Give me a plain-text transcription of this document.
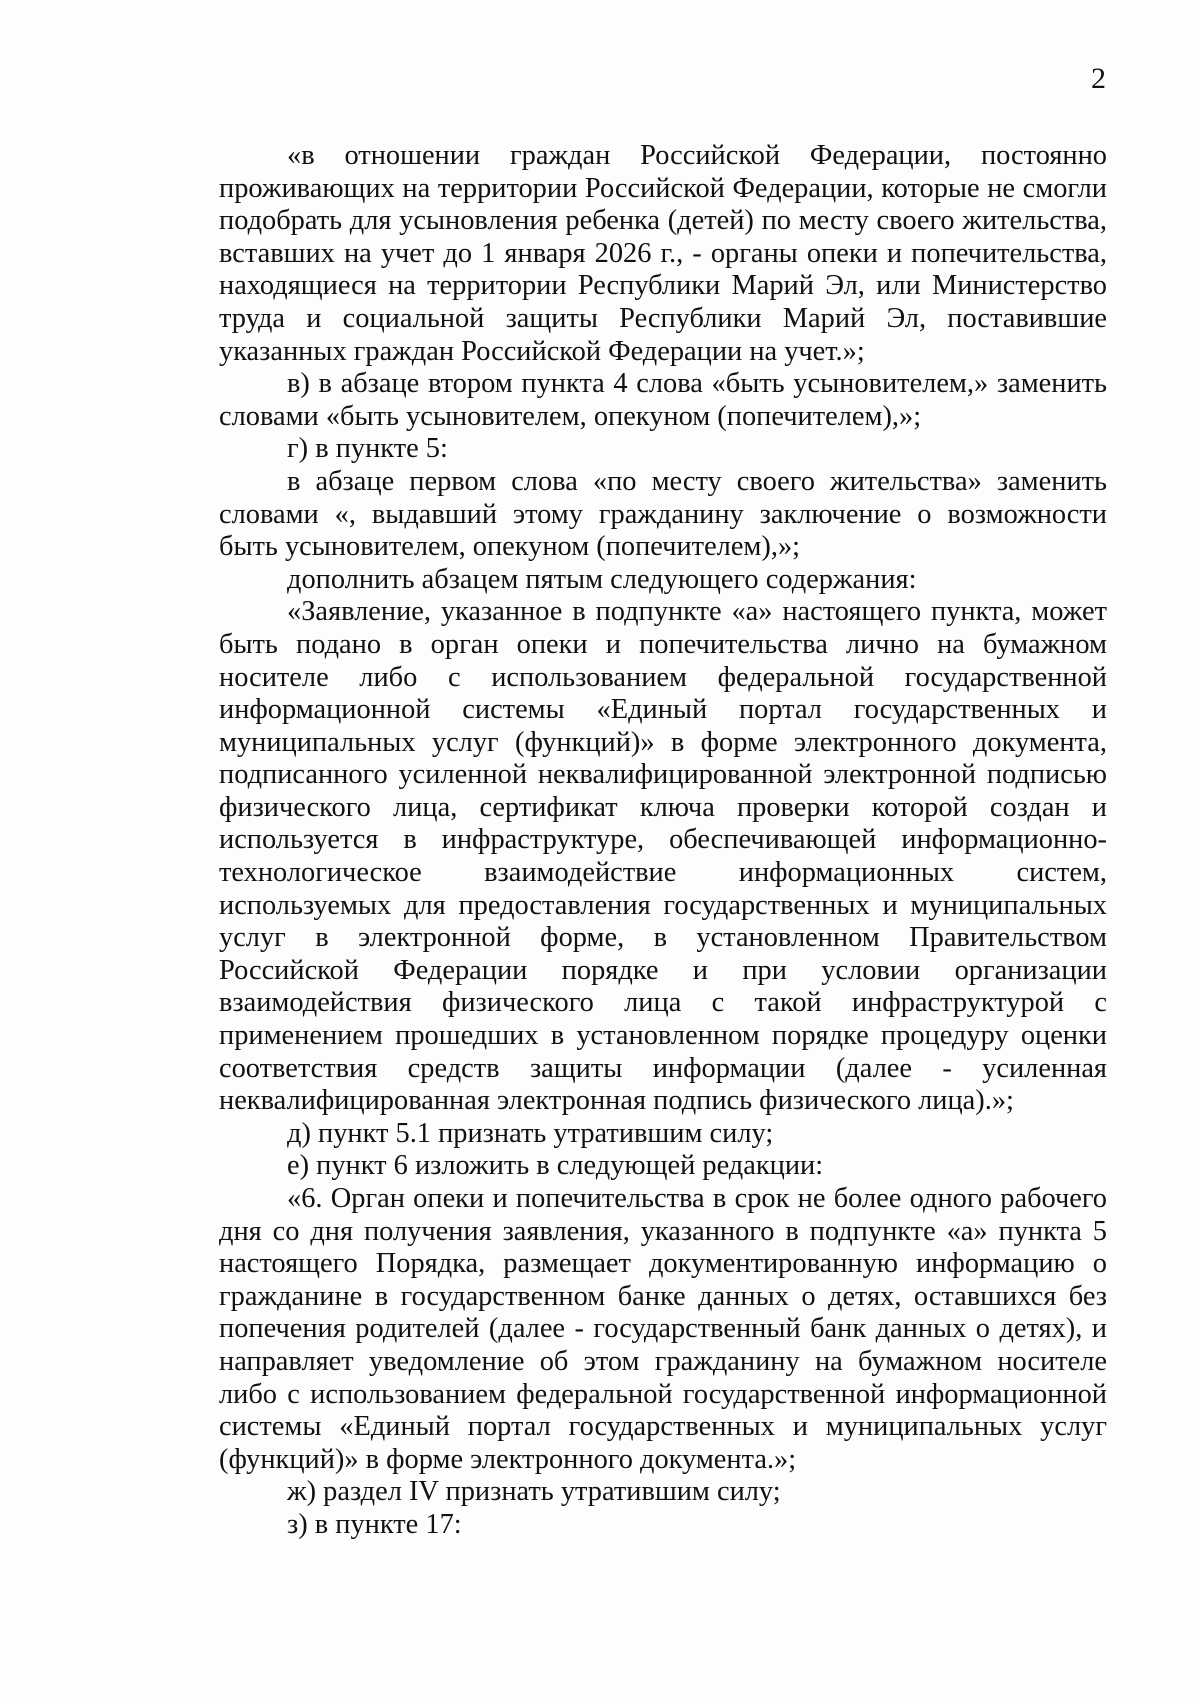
2

«в отношении граждан Российской Федерации, постоянно проживающих на территории Российской Федерации, которые не смогли подобрать для усыновления ребенка (детей) по месту своего жительства, вставших на учет до 1 января 2026 г., - органы опеки и попечительства, находящиеся на территории Республики Марий Эл, или Министерство труда и социальной защиты Республики Марий Эл, поставившие указанных граждан Российской Федерации на учет.»;

в) в абзаце втором пункта 4 слова «быть усыновителем,» заменить словами «быть усыновителем, опекуном (попечителем),»;

г) в пункте 5:

в абзаце первом слова «по месту своего жительства» заменить словами «, выдавший этому гражданину заключение о возможности быть усыновителем, опекуном (попечителем),»;

дополнить абзацем пятым следующего содержания:

«Заявление, указанное в подпункте «а» настоящего пункта, может быть подано в орган опеки и попечительства лично на бумажном носителе либо с использованием федеральной государственной информационной системы «Единый портал государственных и муниципальных услуг (функций)» в форме электронного документа, подписанного усиленной неквалифицированной электронной подписью физического лица, сертификат ключа проверки которой создан и используется в инфраструктуре, обеспечивающей информационно-технологическое взаимодействие информационных систем, используемых для предоставления государственных и муниципальных услуг в электронной форме, в установленном Правительством Российской Федерации порядке и при условии организации взаимодействия физического лица с такой инфраструктурой с применением прошедших в установленном порядке процедуру оценки соответствия средств защиты информации (далее - усиленная неквалифицированная электронная подпись физического лица).»;

д) пункт 5.1 признать утратившим силу;

е) пункт 6 изложить в следующей редакции:

«6. Орган опеки и попечительства в срок не более одного рабочего дня со дня получения заявления, указанного в подпункте «а» пункта 5 настоящего Порядка, размещает документированную информацию о гражданине в государственном банке данных о детях, оставшихся без попечения родителей (далее - государственный банк данных о детях), и направляет уведомление об этом гражданину на бумажном носителе либо с использованием федеральной государственной информационной системы «Единый портал государственных и муниципальных услуг (функций)» в форме электронного документа.»;

ж) раздел IV признать утратившим силу;

з) в пункте 17:
